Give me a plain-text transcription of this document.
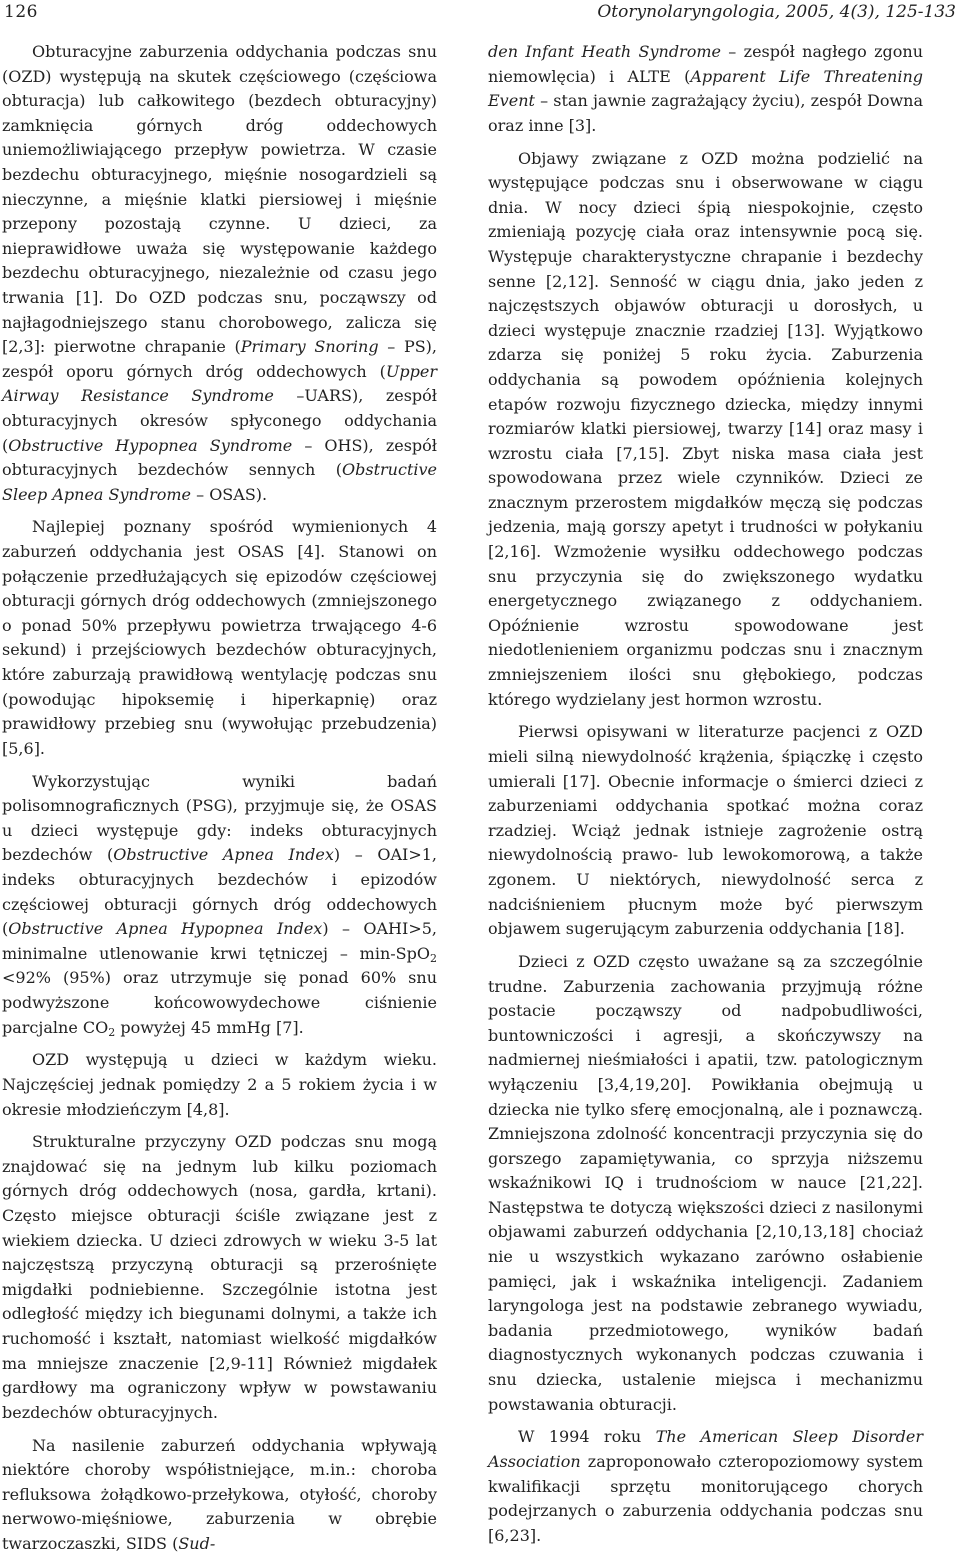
126	Otorynolaryngologia, 2005, 4(3), 125-133

Obturacyjne zaburzenia oddychania podczas snu (OZD) występują na skutek częściowego (częściowa obturacja) lub całkowitego (bezdech obturacyjny) zamknięcia górnych dróg oddechowych uniemożliwiającego przepływ powietrza. W czasie bezdechu obturacyjnego, mięśnie nosogardzieli są nieczynne, a mięśnie klatki piersiowej i mięśnie przepony pozostają czynne. U dzieci, za nieprawidłowe uważa się występowanie każdego bezdechu obturacyjnego, niezależnie od czasu jego trwania [1]. Do OZD podczas snu, począwszy od najłagodniejszego stanu chorobowego, zalicza się [2,3]: pierwotne chrapanie (Primary Snoring – PS), zespół oporu górnych dróg oddechowych (Upper Airway Resistance Syndrome –UARS), zespół obturacyjnych okresów spłyconego oddychania (Obstructive Hypopnea Syndrome – OHS), zespół obturacyjnych bezdechów sennych (Obstructive Sleep Apnea Syndrome – OSAS).

Najlepiej poznany spośród wymienionych 4 zaburzeń oddychania jest OSAS [4]. Stanowi on połączenie przedłużających się epizodów częściowej obturacji górnych dróg oddechowych (zmniejszonego o ponad 50% przepływu powietrza trwającego 4-6 sekund) i przejściowych bezdechów obturacyjnych, które zaburzają prawidłową wentylację podczas snu (powodując hipoksemię i hiperkapnię) oraz prawidłowy przebieg snu (wywołując przebudzenia) [5,6].

Wykorzystując wyniki badań polisomnograficznych (PSG), przyjmuje się, że OSAS u dzieci występuje gdy: indeks obturacyjnych bezdechów (Obstructive Apnea Index) – OAI>1, indeks obturacyjnych bezdechów i epizodów częściowej obturacji górnych dróg oddechowych (Obstructive Apnea Hypopnea Index) – OAHI>5, minimalne utlenowanie krwi tętniczej – min-SpO$_2$ <92% (95%) oraz utrzymuje się ponad 60% snu podwyższone końcowowydechowe ciśnienie parcjalne $CO_2$ powyżej 45 mmHg [7].

OZD występują u dzieci w każdym wieku. Najczęściej jednak pomiędzy 2 a 5 rokiem życia i w okresie młodzieńczym [4,8].

Strukturalne przyczyny OZD podczas snu mogą znajdować się na jednym lub kilku poziomach górnych dróg oddechowych (nosa, gardła, krtani). Często miejsce obturacji ściśle związane jest z wiekiem dziecka. U dzieci zdrowych w wieku 3-5 lat najczęstszą przyczyną obturacji są przerośnięte migdałki podniebienne. Szczególnie istotna jest odległość między ich biegunami dolnymi, a także ich ruchomość i kształt, natomiast wielkość migdałków ma mniejsze znaczenie [2,9-11] Również migdałek gardłowy ma ograniczony wpływ w powstawaniu bezdechów obturacyjnych.

Na nasilenie zaburzeń oddychania wpływają niektóre choroby współistniejące, m.in.: choroba refluksowa żołądkowo-przełykowa, otyłość, choroby nerwowo-mięśniowe, zaburzenia w obrębie twarzoczaszki, SIDS (Sud-

den Infant Heath Syndrome – zespół nagłego zgonu niemowlęcia) i ALTE (Apparent Life Threatening Event – stan jawnie zagrażający życiu), zespół Downa oraz inne [3].

Objawy związane z OZD można podzielić na występujące podczas snu i obserwowane w ciągu dnia. W nocy dzieci śpią niespokojnie, często zmieniają pozycję ciała oraz intensywnie pocą się. Występuje charakterystyczne chrapanie i bezdechy senne [2,12]. Senność w ciągu dnia, jako jeden z najczęstszych objawów obturacji u dorosłych, u dzieci występuje znacznie rzadziej [13]. Wyjątkowo zdarza się poniżej 5 roku życia. Zaburzenia oddychania są powodem opóźnienia kolejnych etapów rozwoju fizycznego dziecka, między innymi rozmiarów klatki piersiowej, twarzy [14] oraz masy i wzrostu ciała [7,15]. Zbyt niska masa ciała jest spowodowana przez wiele czynników. Dzieci ze znacznym przerostem migdałków męczą się podczas jedzenia, mają gorszy apetyt i trudności w połykaniu [2,16]. Wzmożenie wysiłku oddechowego podczas snu przyczynia się do zwiększonego wydatku energetycznego związanego z oddychaniem. Opóźnienie wzrostu spowodowane jest niedotlenieniem organizmu podczas snu i znacznym zmniejszeniem ilości snu głębokiego, podczas którego wydzielany jest hormon wzrostu.

Pierwsi opisywani w literaturze pacjenci z OZD mieli silną niewydolność krążenia, śpiączkę i często umierali [17]. Obecnie informacje o śmierci dzieci z zaburzeniami oddychania spotkać można coraz rzadziej. Wciąż jednak istnieje zagrożenie ostrą niewydolnością prawo- lub lewokomorową, a także zgonem. U niektórych, niewydolność serca z nadciśnieniem płucnym może być pierwszym objawem sugerującym zaburzenia oddychania [18].

Dzieci z OZD często uważane są za szczególnie trudne. Zaburzenia zachowania przyjmują różne postacie począwszy od nadpobudliwości, buntowniczości i agresji, a skończywszy na nadmiernej nieśmiałości i apatii, tzw. patologicznym wyłączeniu [3,4,19,20]. Powikłania obejmują u dziecka nie tylko sferę emocjonalną, ale i poznawczą. Zmniejszona zdolność koncentracji przyczynia się do gorszego zapamiętywania, co sprzyja niższemu wskaźnikowi IQ i trudnościom w nauce [21,22]. Następstwa te dotyczą większości dzieci z nasilonymi objawami zaburzeń oddychania [2,10,13,18] chociaż nie u wszystkich wykazano zarówno osłabienie pamięci, jak i wskaźnika inteligencji. Zadaniem laryngologa jest na podstawie zebranego wywiadu, badania przedmiotowego, wyników badań diagnostycznych wykonanych podczas czuwania i snu dziecka, ustalenie miejsca i mechanizmu powstawania obturacji.

W 1994 roku The American Sleep Disorder Association zaproponowało czteropoziomowy system kwalifikacji sprzętu monitorującego chorych podejrzanych o zaburzenia oddychania podczas snu [6,23].
